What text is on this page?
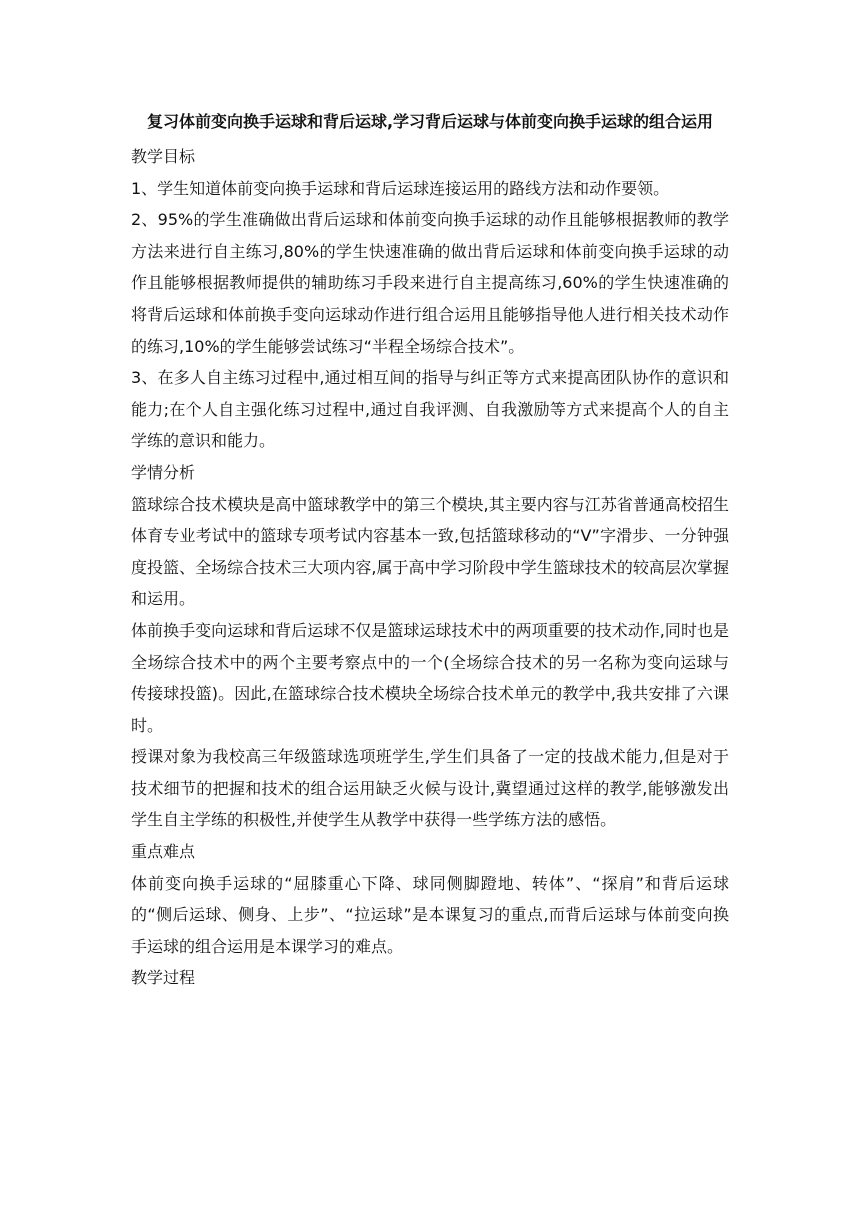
复习体前变向换手运球和背后运球,学习背后运球与体前变向换手运球的组合运用

教学目标

1、学生知道体前变向换手运球和背后运球连接运用的路线方法和动作要领。

2、95%的学生准确做出背后运球和体前变向换手运球的动作且能够根据教师的教学方法来进行自主练习,80%的学生快速准确的做出背后运球和体前变向换手运球的动作且能够根据教师提供的辅助练习手段来进行自主提高练习,60%的学生快速准确的将背后运球和体前换手变向运球动作进行组合运用且能够指导他人进行相关技术动作的练习,10%的学生能够尝试练习“半程全场综合技术”。

3、在多人自主练习过程中,通过相互间的指导与纠正等方式来提高团队协作的意识和能力;在个人自主强化练习过程中,通过自我评测、自我激励等方式来提高个人的自主学练的意识和能力。

学情分析

篮球综合技术模块是高中篮球教学中的第三个模块,其主要内容与江苏省普通高校招生体育专业考试中的篮球专项考试内容基本一致,包括篮球移动的“V”字滑步、一分钟强度投篮、全场综合技术三大项内容,属于高中学习阶段中学生篮球技术的较高层次掌握和运用。

体前换手变向运球和背后运球不仅是篮球运球技术中的两项重要的技术动作,同时也是全场综合技术中的两个主要考察点中的一个(全场综合技术的另一名称为变向运球与传接球投篮)。因此,在篮球综合技术模块全场综合技术单元的教学中,我共安排了六课时。

授课对象为我校高三年级篮球选项班学生,学生们具备了一定的技战术能力,但是对于技术细节的把握和技术的组合运用缺乏火候与设计,冀望通过这样的教学,能够激发出学生自主学练的积极性,并使学生从教学中获得一些学练方法的感悟。

重点难点

体前变向换手运球的“屈膝重心下降、球同侧脚蹬地、转体”、“探肩”和背后运球的“侧后运球、侧身、上步”、“拉运球”是本课复习的重点,而背后运球与体前变向换手运球的组合运用是本课学习的难点。

教学过程
